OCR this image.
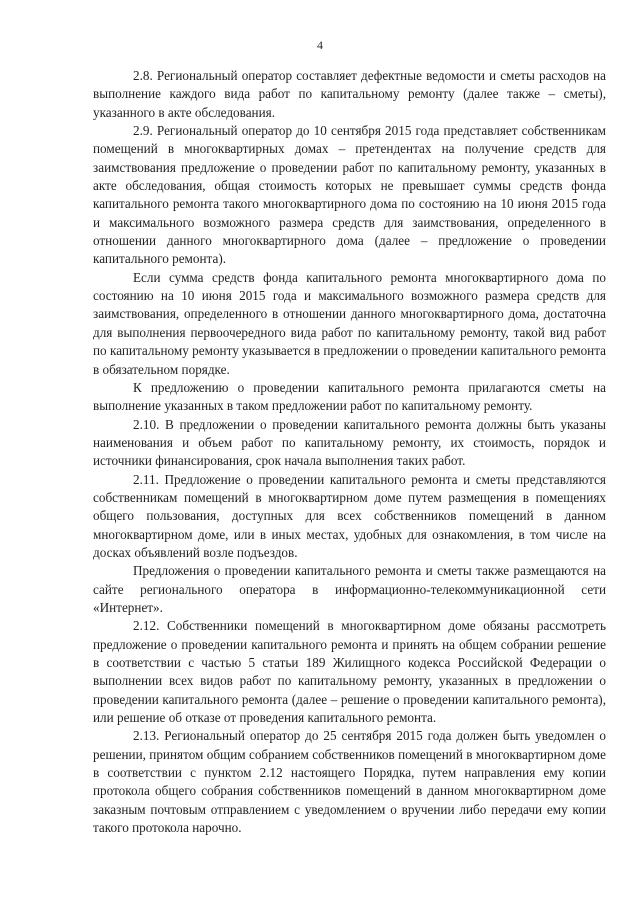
4

2.8. Региональный оператор составляет дефектные ведомости и сметы расходов на выполнение каждого вида работ по капитальному ремонту (далее также – сметы), указанного в акте обследования.

2.9. Региональный оператор до 10 сентября 2015 года представляет собственникам помещений в многоквартирных домах – претендентах на получение средств для заимствования предложение о проведении работ по капитальному ремонту, указанных в акте обследования, общая стоимость которых не превышает суммы средств фонда капитального ремонта такого многоквартирного дома по состоянию на 10 июня 2015 года и максимального возможного размера средств для заимствования, определенного в отношении данного многоквартирного дома (далее – предложение о проведении капитального ремонта).

Если сумма средств фонда капитального ремонта многоквартирного дома по состоянию на 10 июня 2015 года и максимального возможного размера средств для заимствования, определенного в отношении данного многоквартирного дома, достаточна для выполнения первоочередного вида работ по капитальному ремонту, такой вид работ по капитальному ремонту указывается в предложении о проведении капитального ремонта в обязательном порядке.

К предложению о проведении капитального ремонта прилагаются сметы на выполнение указанных в таком предложении работ по капитальному ремонту.

2.10. В предложении о проведении капитального ремонта должны быть указаны наименования и объем работ по капитальному ремонту, их стоимость, порядок и источники финансирования, срок начала выполнения таких работ.

2.11. Предложение о проведении капитального ремонта и сметы представляются собственникам помещений в многоквартирном доме путем размещения в помещениях общего пользования, доступных для всех собственников помещений в данном многоквартирном доме, или в иных местах, удобных для ознакомления, в том числе на досках объявлений возле подъездов.

Предложения о проведении капитального ремонта и сметы также размещаются на сайте регионального оператора в информационно-телекоммуникационной сети «Интернет».

2.12. Собственники помещений в многоквартирном доме обязаны рассмотреть предложение о проведении капитального ремонта и принять на общем собрании решение в соответствии с частью 5 статьи 189 Жилищного кодекса Российской Федерации о выполнении всех видов работ по капитальному ремонту, указанных в предложении о проведении капитального ремонта (далее – решение о проведении капитального ремонта), или решение об отказе от проведения капитального ремонта.

2.13. Региональный оператор до 25 сентября 2015 года должен быть уведомлен о решении, принятом общим собранием собственников помещений в многоквартирном доме в соответствии с пунктом 2.12 настоящего Порядка, путем направления ему копии протокола общего собрания собственников помещений в данном многоквартирном доме заказным почтовым отправлением с уведомлением о вручении либо передачи ему копии такого протокола нарочно.
